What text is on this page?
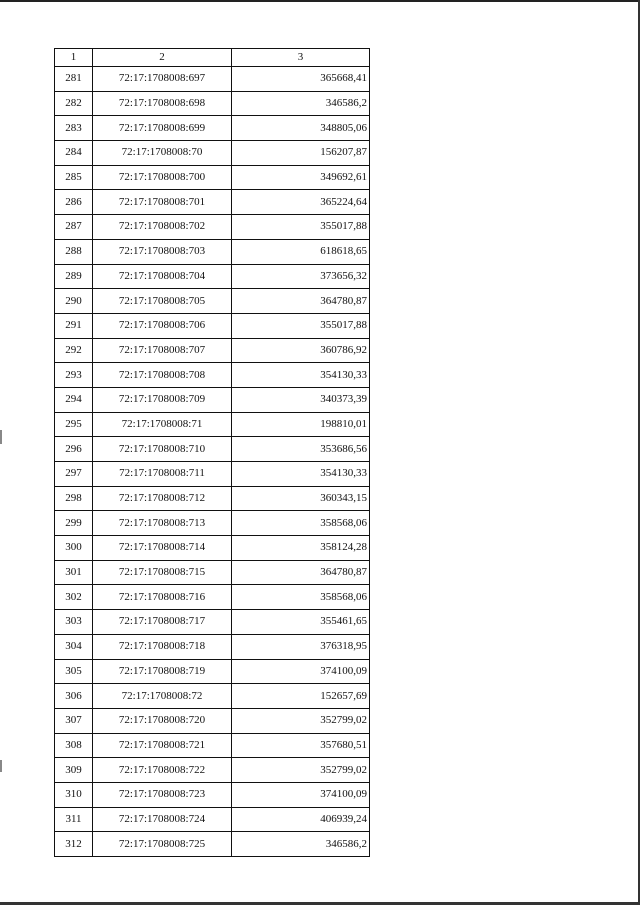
1	2	3
281	72:17:1708008:697	365668,41
282	72:17:1708008:698	346586,2
283	72:17:1708008:699	348805,06
284	72:17:1708008:70	156207,87
285	72:17:1708008:700	349692,61
286	72:17:1708008:701	365224,64
287	72:17:1708008:702	355017,88
288	72:17:1708008:703	618618,65
289	72:17:1708008:704	373656,32
290	72:17:1708008:705	364780,87
291	72:17:1708008:706	355017,88
292	72:17:1708008:707	360786,92
293	72:17:1708008:708	354130,33
294	72:17:1708008:709	340373,39
295	72:17:1708008:71	198810,01
296	72:17:1708008:710	353686,56
297	72:17:1708008:711	354130,33
298	72:17:1708008:712	360343,15
299	72:17:1708008:713	358568,06
300	72:17:1708008:714	358124,28
301	72:17:1708008:715	364780,87
302	72:17:1708008:716	358568,06
303	72:17:1708008:717	355461,65
304	72:17:1708008:718	376318,95
305	72:17:1708008:719	374100,09
306	72:17:1708008:72	152657,69
307	72:17:1708008:720	352799,02
308	72:17:1708008:721	357680,51
309	72:17:1708008:722	352799,02
310	72:17:1708008:723	374100,09
311	72:17:1708008:724	406939,24
312	72:17:1708008:725	346586,2
